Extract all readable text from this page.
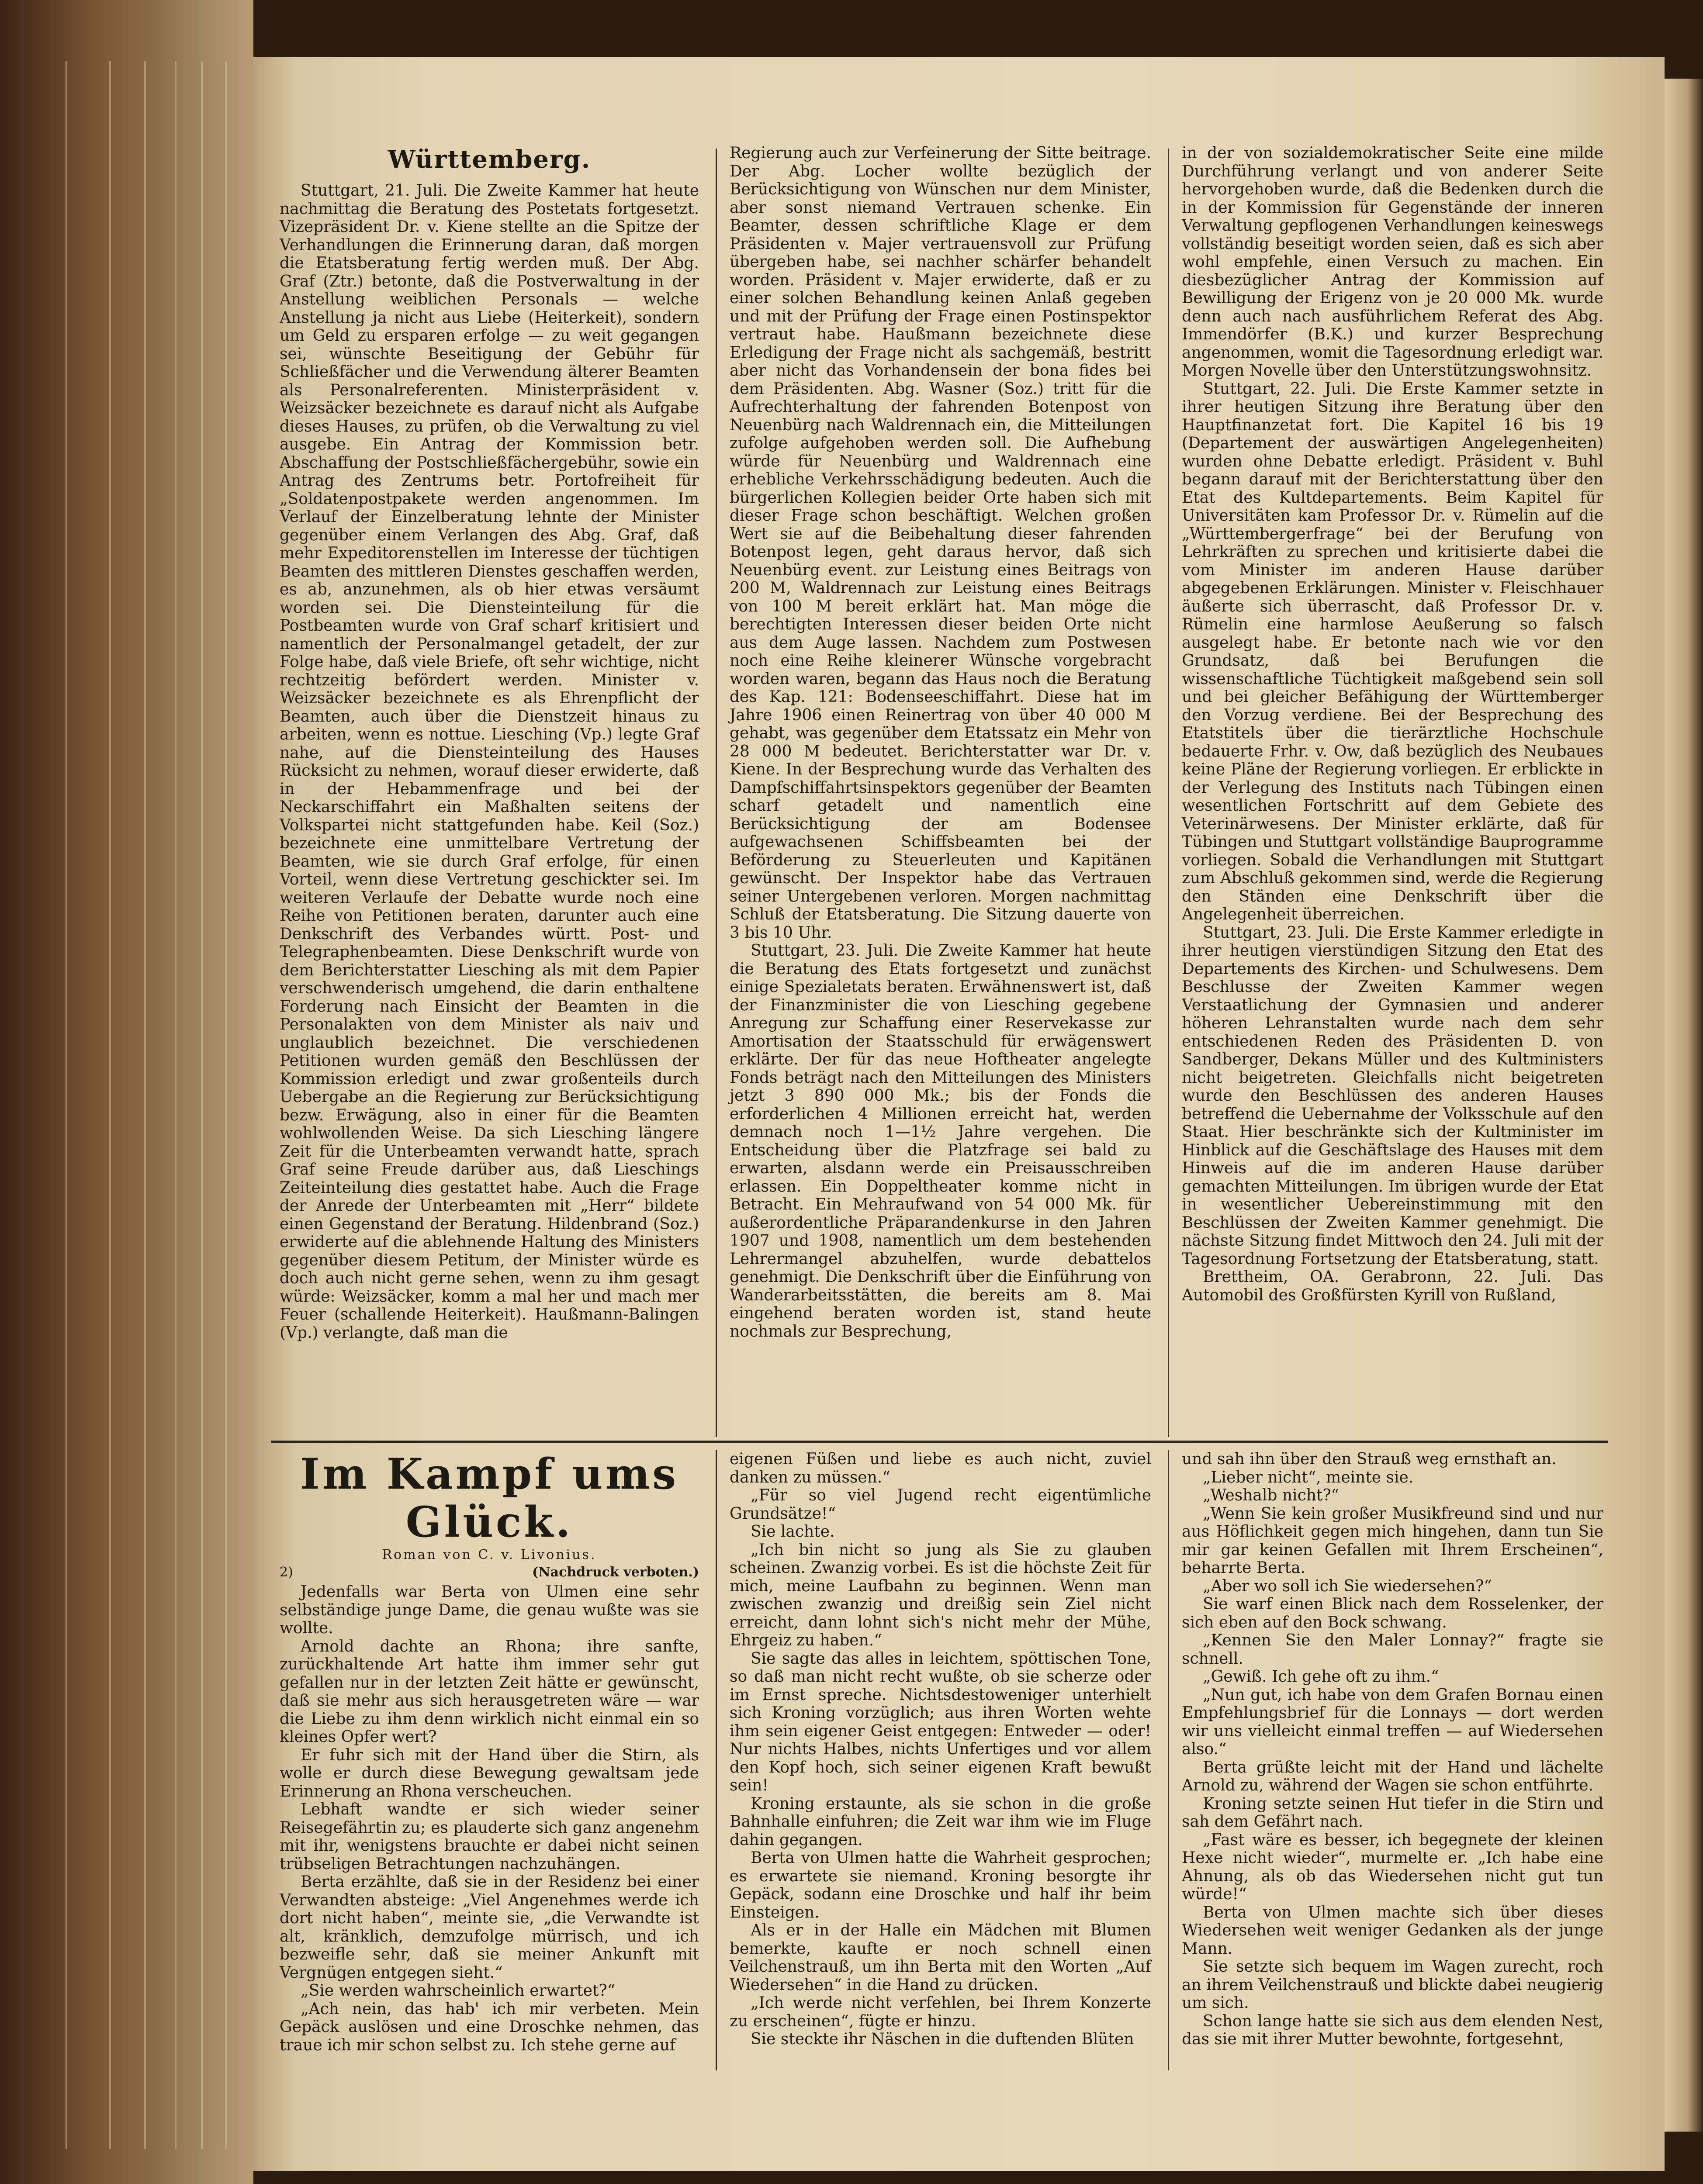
Württemberg.

Stuttgart, 21. Juli. Die Zweite Kammer hat heute nachmittag die Beratung des Postetats fortgesetzt. Vizepräsident Dr. v. Kiene stellte an die Spitze der Verhandlungen die Erinnerung daran, daß morgen die Etatsberatung fertig werden muß. Der Abg. Graf (Ztr.) betonte, daß die Postverwaltung in der Anstellung weiblichen Personals — welche Anstellung ja nicht aus Liebe (Heiterkeit), sondern um Geld zu ersparen erfolge — zu weit gegangen sei, wünschte Beseitigung der Gebühr für Schließfächer und die Verwendung älterer Beamten als Personalreferenten. Ministerpräsident v. Weizsäcker bezeichnete es darauf nicht als Aufgabe dieses Hauses, zu prüfen, ob die Verwaltung zu viel ausgebe. Ein Antrag der Kommission betr. Abschaffung der Postschließfächergebühr, sowie ein Antrag des Zentrums betr. Portofreiheit für „Soldatenpostpakete werden angenommen. Im Verlauf der Einzelberatung lehnte der Minister gegenüber einem Verlangen des Abg. Graf, daß mehr Expeditorenstellen im Interesse der tüchtigen Beamten des mittleren Dienstes geschaffen werden, es ab, anzunehmen, als ob hier etwas versäumt worden sei. Die Diensteinteilung für die Postbeamten wurde von Graf scharf kritisiert und namentlich der Personalmangel getadelt, der zur Folge habe, daß viele Briefe, oft sehr wichtige, nicht rechtzeitig befördert werden. Minister v. Weizsäcker bezeichnete es als Ehrenpflicht der Beamten, auch über die Dienstzeit hinaus zu arbeiten, wenn es nottue. Liesching (Vp.) legte Graf nahe, auf die Diensteinteilung des Hauses Rücksicht zu nehmen, worauf dieser erwiderte, daß in der Hebammenfrage und bei der Neckarschiffahrt ein Maßhalten seitens der Volkspartei nicht stattgefunden habe. Keil (Soz.) bezeichnete eine unmittelbare Vertretung der Beamten, wie sie durch Graf erfolge, für einen Vorteil, wenn diese Vertretung geschickter sei. Im weiteren Verlaufe der Debatte wurde noch eine Reihe von Petitionen beraten, darunter auch eine Denkschrift des Verbandes württ. Post- und Telegraphenbeamten. Diese Denkschrift wurde von dem Berichterstatter Liesching als mit dem Papier verschwenderisch umgehend, die darin enthaltene Forderung nach Einsicht der Beamten in die Personalakten von dem Minister als naiv und unglaublich bezeichnet. Die verschiedenen Petitionen wurden gemäß den Beschlüssen der Kommission erledigt und zwar großenteils durch Uebergabe an die Regierung zur Berücksichtigung bezw. Erwägung, also in einer für die Beamten wohlwollenden Weise. Da sich Liesching längere Zeit für die Unterbeamten verwandt hatte, sprach Graf seine Freude darüber aus, daß Lieschings Zeiteinteilung dies gestattet habe. Auch die Frage der Anrede der Unterbeamten mit „Herr“ bildete einen Gegenstand der Beratung. Hildenbrand (Soz.) erwiderte auf die ablehnende Haltung des Ministers gegenüber diesem Petitum, der Minister würde es doch auch nicht gerne sehen, wenn zu ihm gesagt würde: Weizsäcker, komm a mal her und mach mer Feuer (schallende Heiterkeit). Haußmann-Balingen (Vp.) verlangte, daß man die

Regierung auch zur Verfeinerung der Sitte beitrage. Der Abg. Locher wollte bezüglich der Berücksichtigung von Wünschen nur dem Minister, aber sonst niemand Vertrauen schenke. Ein Beamter, dessen schriftliche Klage er dem Präsidenten v. Majer vertrauensvoll zur Prüfung übergeben habe, sei nachher schärfer behandelt worden. Präsident v. Majer erwiderte, daß er zu einer solchen Behandlung keinen Anlaß gegeben und mit der Prüfung der Frage einen Postinspektor vertraut habe. Haußmann bezeichnete diese Erledigung der Frage nicht als sachgemäß, bestritt aber nicht das Vorhandensein der bona fides bei dem Präsidenten. Abg. Wasner (Soz.) tritt für die Aufrechterhaltung der fahrenden Botenpost von Neuenbürg nach Waldrennach ein, die Mitteilungen zufolge aufgehoben werden soll. Die Aufhebung würde für Neuenbürg und Waldrennach eine erhebliche Verkehrsschädigung bedeuten. Auch die bürgerlichen Kollegien beider Orte haben sich mit dieser Frage schon beschäftigt. Welchen großen Wert sie auf die Beibehaltung dieser fahrenden Botenpost legen, geht daraus hervor, daß sich Neuenbürg event. zur Leistung eines Beitrags von 200 M, Waldrennach zur Leistung eines Beitrags von 100 M bereit erklärt hat. Man möge die berechtigten Interessen dieser beiden Orte nicht aus dem Auge lassen. Nachdem zum Postwesen noch eine Reihe kleinerer Wünsche vorgebracht worden waren, begann das Haus noch die Beratung des Kap. 121: Bodenseeschiffahrt. Diese hat im Jahre 1906 einen Reinertrag von über 40 000 M gehabt, was gegenüber dem Etatssatz ein Mehr von 28 000 M bedeutet. Berichterstatter war Dr. v. Kiene. In der Besprechung wurde das Verhalten des Dampfschiffahrtsinspektors gegenüber der Beamten scharf getadelt und namentlich eine Berücksichtigung der am Bodensee aufgewachsenen Schiffsbeamten bei der Beförderung zu Steuerleuten und Kapitänen gewünscht. Der Inspektor habe das Vertrauen seiner Untergebenen verloren. Morgen nachmittag Schluß der Etatsberatung. Die Sitzung dauerte von 3 bis 10 Uhr.

Stuttgart, 23. Juli. Die Zweite Kammer hat heute die Beratung des Etats fortgesetzt und zunächst einige Spezialetats beraten. Erwähnenswert ist, daß der Finanzminister die von Liesching gegebene Anregung zur Schaffung einer Reservekasse zur Amortisation der Staatsschuld für erwägenswert erklärte. Der für das neue Hoftheater angelegte Fonds beträgt nach den Mitteilungen des Ministers jetzt 3 890 000 Mk.; bis der Fonds die erforderlichen 4 Millionen erreicht hat, werden demnach noch 1—1½ Jahre vergehen. Die Entscheidung über die Platzfrage sei bald zu erwarten, alsdann werde ein Preisausschreiben erlassen. Ein Doppeltheater komme nicht in Betracht. Ein Mehraufwand von 54 000 Mk. für außerordentliche Präparandenkurse in den Jahren 1907 und 1908, namentlich um dem bestehenden Lehrermangel abzuhelfen, wurde debattelos genehmigt. Die Denkschrift über die Einführung von Wanderarbeitsstätten, die bereits am 8. Mai eingehend beraten worden ist, stand heute nochmals zur Besprechung,

in der von sozialdemokratischer Seite eine milde Durchführung verlangt und von anderer Seite hervorgehoben wurde, daß die Bedenken durch die in der Kommission für Gegenstände der inneren Verwaltung gepflogenen Verhandlungen keineswegs vollständig beseitigt worden seien, daß es sich aber wohl empfehle, einen Versuch zu machen. Ein diesbezüglicher Antrag der Kommission auf Bewilligung der Erigenz von je 20 000 Mk. wurde denn auch nach ausführlichem Referat des Abg. Immendörfer (B.K.) und kurzer Besprechung angenommen, womit die Tagesordnung erledigt war. Morgen Novelle über den Unterstützungswohnsitz.

Stuttgart, 22. Juli. Die Erste Kammer setzte in ihrer heutigen Sitzung ihre Beratung über den Hauptfinanzetat fort. Die Kapitel 16 bis 19 (Departement der auswärtigen Angelegenheiten) wurden ohne Debatte erledigt. Präsident v. Buhl begann darauf mit der Berichterstattung über den Etat des Kultdepartements. Beim Kapitel für Universitäten kam Professor Dr. v. Rümelin auf die „Württembergerfrage“ bei der Berufung von Lehrkräften zu sprechen und kritisierte dabei die vom Minister im anderen Hause darüber abgegebenen Erklärungen. Minister v. Fleischhauer äußerte sich überrascht, daß Professor Dr. v. Rümelin eine harmlose Aeußerung so falsch ausgelegt habe. Er betonte nach wie vor den Grundsatz, daß bei Berufungen die wissenschaftliche Tüchtigkeit maßgebend sein soll und bei gleicher Befähigung der Württemberger den Vorzug verdiene. Bei der Besprechung des Etatstitels über die tierärztliche Hochschule bedauerte Frhr. v. Ow, daß bezüglich des Neubaues keine Pläne der Regierung vorliegen. Er erblickte in der Verlegung des Instituts nach Tübingen einen wesentlichen Fortschritt auf dem Gebiete des Veterinärwesens. Der Minister erklärte, daß für Tübingen und Stuttgart vollständige Bauprogramme vorliegen. Sobald die Verhandlungen mit Stuttgart zum Abschluß gekommen sind, werde die Regierung den Ständen eine Denkschrift über die Angelegenheit überreichen.

Stuttgart, 23. Juli. Die Erste Kammer erledigte in ihrer heutigen vierstündigen Sitzung den Etat des Departements des Kirchen- und Schulwesens. Dem Beschlusse der Zweiten Kammer wegen Verstaatlichung der Gymnasien und anderer höheren Lehranstalten wurde nach dem sehr entschiedenen Reden des Präsidenten D. von Sandberger, Dekans Müller und des Kultministers nicht beigetreten. Gleichfalls nicht beigetreten wurde den Beschlüssen des anderen Hauses betreffend die Uebernahme der Volksschule auf den Staat. Hier beschränkte sich der Kultminister im Hinblick auf die Geschäftslage des Hauses mit dem Hinweis auf die im anderen Hause darüber gemachten Mitteilungen. Im übrigen wurde der Etat in wesentlicher Uebereinstimmung mit den Beschlüssen der Zweiten Kammer genehmigt. Die nächste Sitzung findet Mittwoch den 24. Juli mit der Tagesordnung Fortsetzung der Etatsberatung, statt.

Brettheim, OA. Gerabronn, 22. Juli. Das Automobil des Großfürsten Kyrill von Rußland,

Im Kampf ums Glück.
Roman von C. v. Livonius.
2)	(Nachdruck verboten.)

Jedenfalls war Berta von Ulmen eine sehr selbständige junge Dame, die genau wußte was sie wollte.

Arnold dachte an Rhona; ihre sanfte, zurückhaltende Art hatte ihm immer sehr gut gefallen nur in der letzten Zeit hätte er gewünscht, daß sie mehr aus sich herausgetreten wäre — war die Liebe zu ihm denn wirklich nicht einmal ein so kleines Opfer wert?

Er fuhr sich mit der Hand über die Stirn, als wolle er durch diese Bewegung gewaltsam jede Erinnerung an Rhona verscheuchen.

Lebhaft wandte er sich wieder seiner Reisegefährtin zu; es plauderte sich ganz angenehm mit ihr, wenigstens brauchte er dabei nicht seinen trübseligen Betrachtungen nachzuhängen.

Berta erzählte, daß sie in der Residenz bei einer Verwandten absteige: „Viel Angenehmes werde ich dort nicht haben“, meinte sie, „die Verwandte ist alt, kränklich, demzufolge mürrisch, und ich bezweifle sehr, daß sie meiner Ankunft mit Vergnügen entgegen sieht.“

„Sie werden wahrscheinlich erwartet?“

„Ach nein, das hab' ich mir verbeten. Mein Gepäck auslösen und eine Droschke nehmen, das traue ich mir schon selbst zu. Ich stehe gerne auf

eigenen Füßen und liebe es auch nicht, zuviel danken zu müssen.“

„Für so viel Jugend recht eigentümliche Grundsätze!“

Sie lachte.

„Ich bin nicht so jung als Sie zu glauben scheinen. Zwanzig vorbei. Es ist die höchste Zeit für mich, meine Laufbahn zu beginnen. Wenn man zwischen zwanzig und dreißig sein Ziel nicht erreicht, dann lohnt sich's nicht mehr der Mühe, Ehrgeiz zu haben.“

Sie sagte das alles in leichtem, spöttischen Tone, so daß man nicht recht wußte, ob sie scherze oder im Ernst spreche. Nichtsdestoweniger unterhielt sich Kroning vorzüglich; aus ihren Worten wehte ihm sein eigener Geist entgegen: Entweder — oder! Nur nichts Halbes, nichts Unfertiges und vor allem den Kopf hoch, sich seiner eigenen Kraft bewußt sein!

Kroning erstaunte, als sie schon in die große Bahnhalle einfuhren; die Zeit war ihm wie im Fluge dahin gegangen.

Berta von Ulmen hatte die Wahrheit gesprochen; es erwartete sie niemand. Kroning besorgte ihr Gepäck, sodann eine Droschke und half ihr beim Einsteigen.

Als er in der Halle ein Mädchen mit Blumen bemerkte, kaufte er noch schnell einen Veilchenstrauß, um ihn Berta mit den Worten „Auf Wiedersehen“ in die Hand zu drücken.

„Ich werde nicht verfehlen, bei Ihrem Konzerte zu erscheinen“, fügte er hinzu.

Sie steckte ihr Näschen in die duftenden Blüten

und sah ihn über den Strauß weg ernsthaft an.

„Lieber nicht“, meinte sie.

„Weshalb nicht?“

„Wenn Sie kein großer Musikfreund sind und nur aus Höflichkeit gegen mich hingehen, dann tun Sie mir gar keinen Gefallen mit Ihrem Erscheinen“, beharrte Berta.

„Aber wo soll ich Sie wiedersehen?“

Sie warf einen Blick nach dem Rosselenker, der sich eben auf den Bock schwang.

„Kennen Sie den Maler Lonnay?“ fragte sie schnell.

„Gewiß. Ich gehe oft zu ihm.“

„Nun gut, ich habe von dem Grafen Bornau einen Empfehlungsbrief für die Lonnays — dort werden wir uns vielleicht einmal treffen — auf Wiedersehen also.“

Berta grüßte leicht mit der Hand und lächelte Arnold zu, während der Wagen sie schon entführte.

Kroning setzte seinen Hut tiefer in die Stirn und sah dem Gefährt nach.

„Fast wäre es besser, ich begegnete der kleinen Hexe nicht wieder“, murmelte er. „Ich habe eine Ahnung, als ob das Wiedersehen nicht gut tun würde!“

Berta von Ulmen machte sich über dieses Wiedersehen weit weniger Gedanken als der junge Mann.

Sie setzte sich bequem im Wagen zurecht, roch an ihrem Veilchenstrauß und blickte dabei neugierig um sich.

Schon lange hatte sie sich aus dem elenden Nest, das sie mit ihrer Mutter bewohnte, fortgesehnt,
